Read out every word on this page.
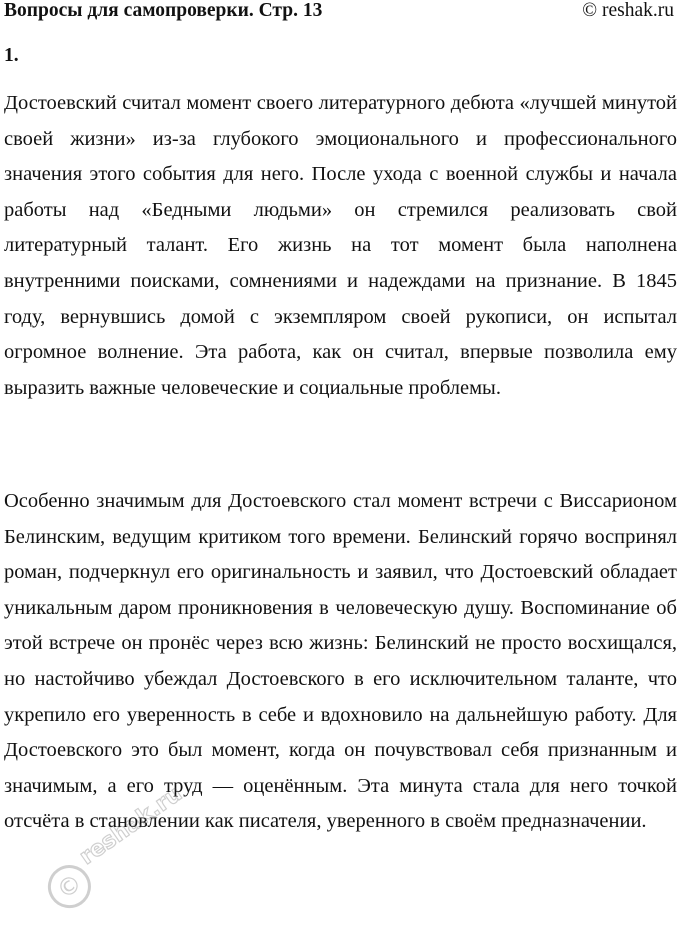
Вопросы для самопроверки. Стр. 13	© reshak.ru
1.

Достоевский считал момент своего литературного дебюта «лучшей минутой своей жизни» из-за глубокого эмоционального и профессионального значения этого события для него. После ухода с военной службы и начала работы над «Бедными людьми» он стремился реализовать свой литературный талант. Его жизнь на тот момент была наполнена внутренними поисками, сомнениями и надеждами на признание. В 1845 году, вернувшись домой с экземпляром своей рукописи, он испытал огромное волнение. Эта работа, как он считал, впервые позволила ему выразить важные человеческие и социальные проблемы.

Особенно значимым для Достоевского стал момент встречи с Виссарионом Белинским, ведущим критиком того времени. Белинский горячо воспринял роман, подчеркнул его оригинальность и заявил, что Достоевский обладает уникальным даром проникновения в человеческую душу. Воспоминание об этой встрече он пронёс через всю жизнь: Белинский не просто восхищался, но настойчиво убеждал Достоевского в его исключительном таланте, что укрепило его уверенность в себе и вдохновило на дальнейшую работу. Для Достоевского это был момент, когда он почувствовал себя признанным и значимым, а его труд — оценённым. Эта минута стала для него точкой отсчёта в становлении как писателя, уверенного в своём предназначении.

©
reshak.ru
